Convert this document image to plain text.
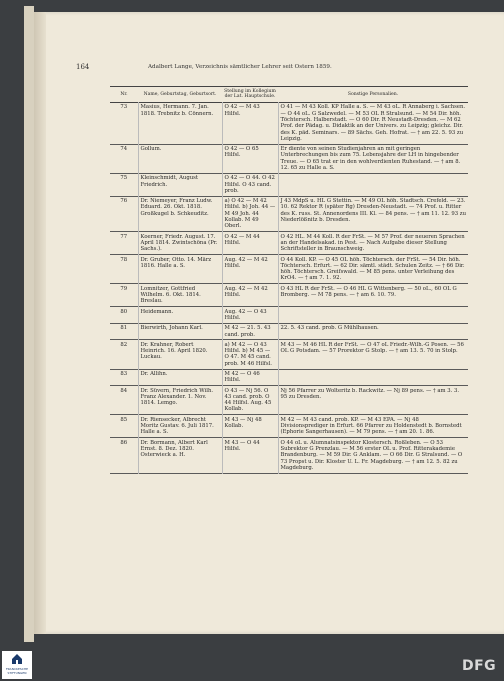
164	Adalbert Lange, Verzeichnis sämtlicher Lehrer seit Ostern 1859.
Nr.	Name, Geburtstag, Geburtsort.	Stellung im Kollegium der Lat. Hauptschule.	Sonstige Personalien.
73	Masius, Hermann. 7. Jan. 1818. Trebnitz b. Cönnern.	O 42 — M 43 Hilfsl.	O 41 — M 43 Koll. KP Halle a. S. — M 43 oL. R Annaberg i. Sachsen. — O 44 oL. G Salzwedel. — M 53 OL R Stralsund. — M 54 Dir. höh. Töchtersch. Halberstadt. — O 60 Dir. R Neustadt-Dresden. — M 62 Prof. der Pädag. u. Didaktik an der Univers. zu Leipzig; gleichz. Dir. des K. päd. Seminars. — 89 Sächs. Geh. Hofrat. — † am 22. 5. 93 zu Leipzig.
74	Gollum.	O 42 — O 65 Hilfsl.	Er diente von seinen Studienjahren an mit geringen Unterbrechungen bis zum 75. Lebensjahre der LH in hingebender Treue. — O 65 trat er in den wohlverdienten Ruhestand. — † am 8. 12. 65 zu Halle a. S.
75	Kleinschmidt, August Friedrich.	O 42 — O 44. O 42 Hilfsl. O 43 cand. prob.	
76	Dr. Niemeyer, Franz Ludw. Eduard. 26. Okt. 1818. Großkugel b. Schkeuditz.	a) O 42 — M 42 Hilfsl. b) Joh. 44 — M 49 Joh. 44 Kollab. M 49 Oberl.	J 43 MdpS u. HL G Stettin. — M 49 OL höh. Stadtsch. Crefeld. — 23. 10. 62 Rektor R (später Rg) Dresden-Neustadt. — 74 Prof. u. Ritter des K. russ. St. Annenordens III. Kl. — 84 pens. — † am 11. 12. 93 zu Niederlößnitz b. Dresden.
77	Koerner, Friedr. August. 17. April 1814. Zwintschöna (Pr. Sachs.).	O 42 — M 44 Hilfsl.	O 42 HL. M 44 Koll. R der FrSt. — M 57 Prof. der neueren Sprachen an der Handelsakad. in Pest. — Nach Aufgabe dieser Stellung Schriftsteller in Braunschweig.
78	Dr. Gruber, Otto. 14. März 1816. Halle a. S.	Aug. 42 — M 42 Hilfsl.	O 44 Koll. KP. — O 45 OL höh. Töchtersch. der FrSt. — 54 Dir. höh. Töchtersch. Erfurt. — 62 Dir. sämtl. städt. Schulen Zeitz. — † 66 Dir. höh. Töchtersch. Greifswald. — M 85 pens. unter Verleihung des KrO4. — † am 7. 1. 92.
79	Lomnitzer, Gottfried Wilhelm. 6. Okt. 1814. Breslau.	Aug. 42 — M 42 Hilfsl.	O 43 HL R der FrSt. — O 46 HL G Wittenberg. — 50 oL., 60 OL G Bromberg. — M 78 pens. — † am 6. 10. 79.
80	Heidemann.	Aug. 42 — O 43 Hilfsl.	
81	Bierwirth, Johann Karl.	M 42 — 21. 5. 43 cand. prob.	22. 5. 43 cand. prob. G Mühlhausen.
82	Dr. Krahner, Robert Heinrich. 16. April 1820. Luckau.	a) M 42 — O 43 Hilfsl. b) M 45 — O 47. M 45 cand. prob. M 46 Hilfsl.	M 43 — M 46 HL R der FrSt. — O 47 oL Friedr.-Wilh.-G Posen. — 56 OL G Potsdam. — 57 Prorektor G Stolp. — † am 13. 5. 70 in Stolp.
83	Dr. Allihn.	M 42 — O 46 Hilfsl.	
84	Dr. Süvern, Friedrich Wilh. Franz Alexander. 1. Nov. 1814. Lemgo.	O 43 — Nj 56. O 43 cand. prob. O 44 Hilfsl. Aug. 45 Kollab.	Nj 56 Pfarrer zu Wolteritz b. Rackwitz. — Nj 89 pens. — † am 3. 3. 95 zu Dresden.
85	Dr. Riensecker, Albrecht Moritz Gustav. 6. Juli 1817. Halle a. S.	M 43 — Nj 48 Kollab.	M 42 — M 43 cand. prob. KP. — M 43 EPA. — Nj 48 Divisionsprediger in Erfurt. 66 Pfarrer zu Holdenstedt b. Bornstedt (Ephorie Sangerhausen). — M 79 pens. — † am 20. 1. 86.
86	Dr. Bormann, Albert Karl Ernst. 8. Dez. 1820. Osterwieck a. H.	M 43 — O 44 Hilfsl.	O 44 oL u. Alumnatsinspektor Klostersch. Roßleben. — O 53 Subrektor G Prenzlau. — M 56 erster OL u. Prof. Ritterakademie Brandenburg. — M 59 Dir. G Anklam. — O 66 Dir. G Stralsund. — O 73 Propst u. Dir. Kloster U. L. Fr. Magdeburg. — † am 12. 5. 82 zu Magdeburg.
FRANCKESCHE STIFTUNGEN	DFG
